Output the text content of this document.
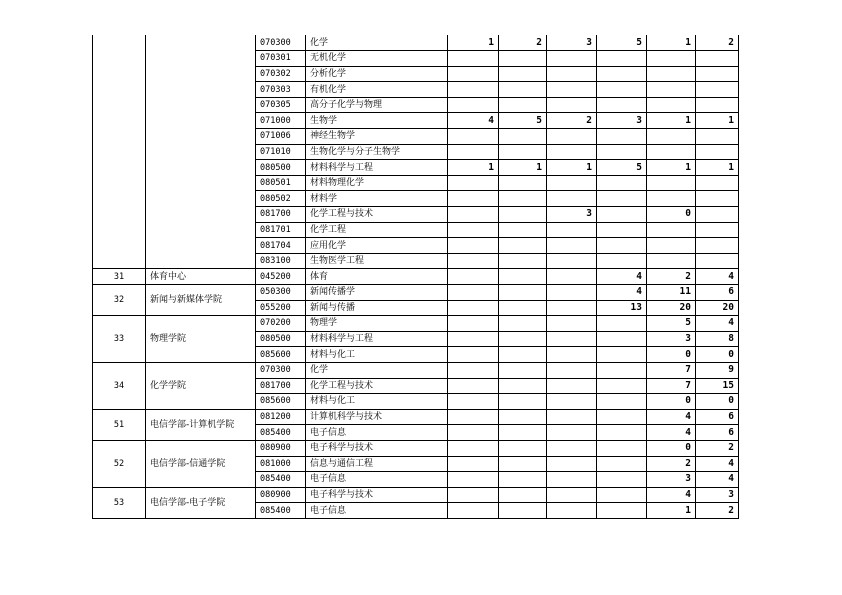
		070300	化学	1	2	3	5	1	2
		070301	无机化学						
		070302	分析化学						
		070303	有机化学						
		070305	高分子化学与物理						
		071000	生物学	4	5	2	3	1	1
		071006	神经生物学						
		071010	生物化学与分子生物学						
		080500	材料科学与工程	1	1	1	5	1	1
		080501	材料物理化学						
		080502	材料学						
		081700	化学工程与技术			3		0	
		081701	化学工程						
		081704	应用化学						
		083100	生物医学工程						
31	体育中心	045200	体育				4	2	4
32	新闻与新媒体学院	050300	新闻传播学				4	11	6
		055200	新闻与传播				13	20	20
33	物理学院	070200	物理学					5	4
		080500	材料科学与工程					3	8
		085600	材料与化工					0	0
34	化学学院	070300	化学					7	9
		081700	化学工程与技术					7	15
		085600	材料与化工					0	0
51	电信学部-计算机学院	081200	计算机科学与技术					4	6
		085400	电子信息					4	6
52	电信学部-信通学院	080900	电子科学与技术					0	2
		081000	信息与通信工程					2	4
		085400	电子信息					3	4
53	电信学部-电子学院	080900	电子科学与技术					4	3
		085400	电子信息					1	2
